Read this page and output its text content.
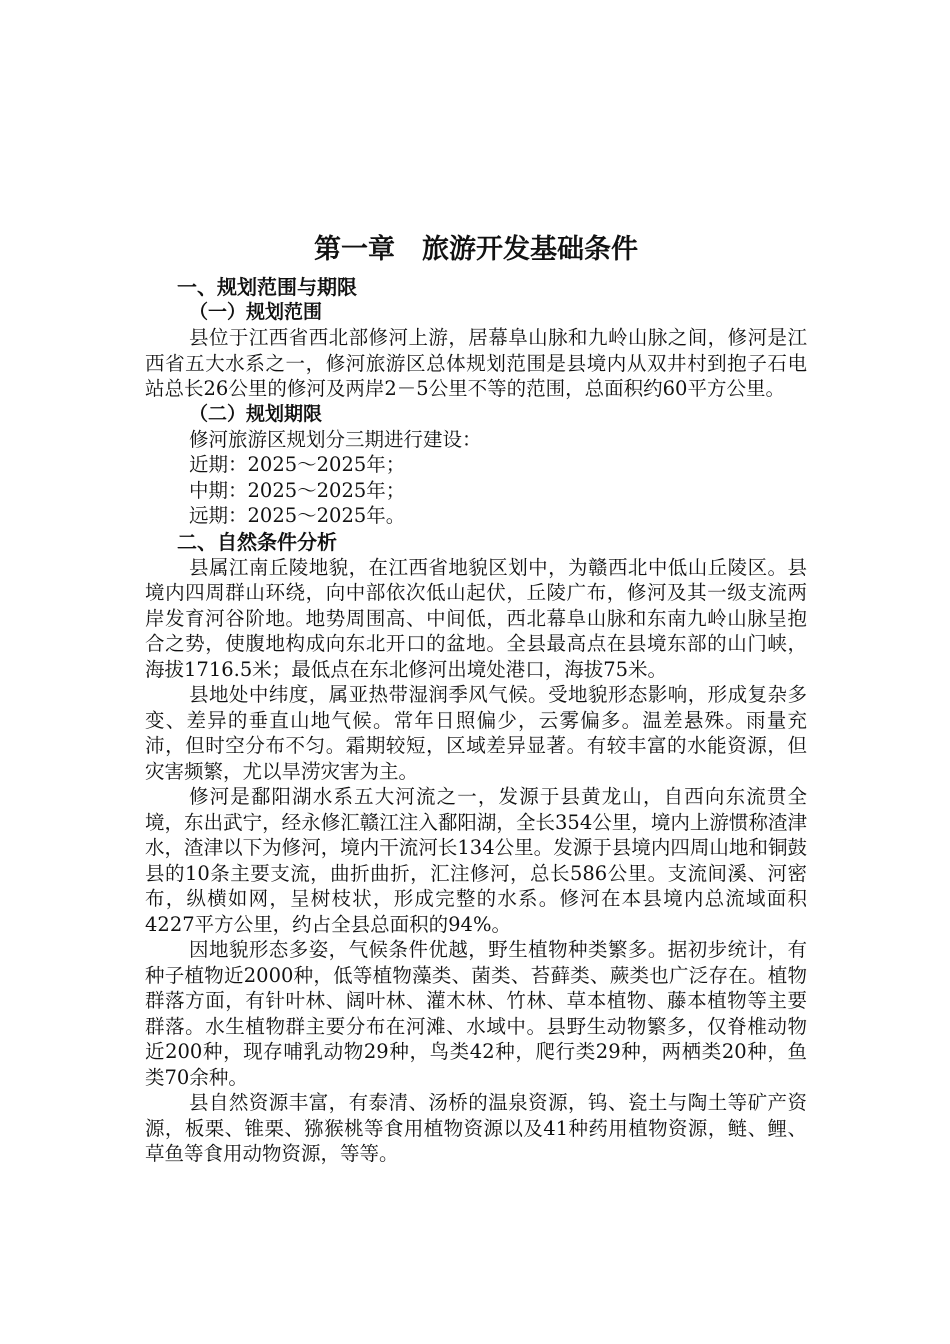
第一章　旅游开发基础条件
一、规划范围与期限
（一）规划范围

县位于江西省西北部修河上游，居幕阜山脉和九岭山脉之间，修河是江西省五大水系之一，修河旅游区总体规划范围是县境内从双井村到抱子石电站总长26公里的修河及两岸2－5公里不等的范围，总面积约60平方公里。

（二）规划期限

修河旅游区规划分三期进行建设：

近期：2025～2025年；

中期：2025～2025年；

远期：2025～2025年。

二、自然条件分析

县属江南丘陵地貌，在江西省地貌区划中，为赣西北中低山丘陵区。县境内四周群山环绕，向中部依次低山起伏，丘陵广布，修河及其一级支流两岸发育河谷阶地。地势周围高、中间低，西北幕阜山脉和东南九岭山脉呈抱合之势，使腹地构成向东北开口的盆地。全县最高点在县境东部的山门峡，海拔1716.5米；最低点在东北修河出境处港口，海拔75米。

县地处中纬度，属亚热带湿润季风气候。受地貌形态影响，形成复杂多变、差异的垂直山地气候。常年日照偏少，云雾偏多。温差悬殊。雨量充沛，但时空分布不匀。霜期较短，区域差异显著。有较丰富的水能资源，但灾害频繁，尤以旱涝灾害为主。

修河是鄱阳湖水系五大河流之一，发源于县黄龙山，自西向东流贯全境，东出武宁，经永修汇赣江注入鄱阳湖，全长354公里，境内上游惯称渣津水，渣津以下为修河，境内干流河长134公里。发源于县境内四周山地和铜鼓县的10条主要支流，曲折曲折，汇注修河，总长586公里。支流间溪、河密布，纵横如网，呈树枝状，形成完整的水系。修河在本县境内总流域面积4227平方公里，约占全县总面积的94%。

因地貌形态多姿，气候条件优越，野生植物种类繁多。据初步统计，有种子植物近2000种，低等植物藻类、菌类、苔藓类、蕨类也广泛存在。植物群落方面，有针叶林、阔叶林、灌木林、竹林、草本植物、藤本植物等主要群落。水生植物群主要分布在河滩、水域中。县野生动物繁多，仅脊椎动物近200种，现存哺乳动物29种，鸟类42种，爬行类29种，两栖类20种，鱼类70余种。

县自然资源丰富，有泰清、汤桥的温泉资源，钨、瓷土与陶土等矿产资源，板栗、锥栗、猕猴桃等食用植物资源以及41种药用植物资源，鲢、鲤、草鱼等食用动物资源，等等。
